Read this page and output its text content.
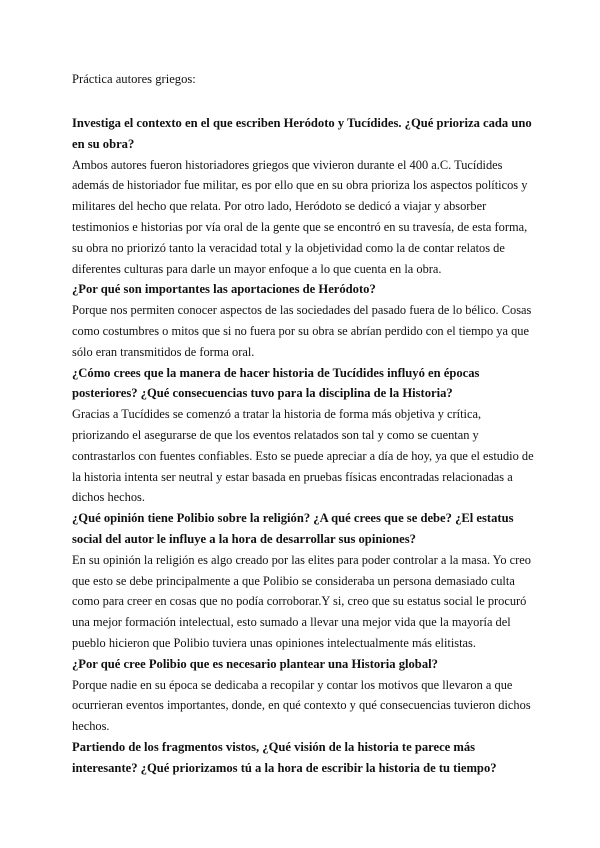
Práctica autores griegos:

Investiga el contexto en el que escriben Heródoto y Tucídides. ¿Qué prioriza cada uno en su obra?

Ambos autores fueron historiadores griegos que vivieron durante el 400 a.C. Tucídides además de historiador fue militar, es por ello que en su obra prioriza los aspectos políticos y militares del hecho que relata. Por otro lado, Heródoto se dedicó a viajar y absorber testimonios e historias por vía oral de la gente que se encontró en su travesía, de esta forma, su obra no priorizó tanto la veracidad total y la objetividad como la de contar relatos de diferentes culturas para darle un mayor enfoque a lo que cuenta en la obra.

¿Por qué son importantes las aportaciones de Heródoto?

Porque nos permiten conocer aspectos de las sociedades del pasado fuera de lo bélico. Cosas como costumbres o mitos que si no fuera por su obra se abrían perdido con el tiempo ya que sólo eran transmitidos de forma oral.

¿Cómo crees que la manera de hacer historia de Tucídides influyó en épocas posteriores? ¿Qué consecuencias tuvo para la disciplina de la Historia?

Gracias a Tucídides se comenzó a tratar la historia de forma más objetiva y crítica, priorizando el asegurarse de que los eventos relatados son tal y como se cuentan y contrastarlos con fuentes confiables. Esto se puede apreciar a día de hoy, ya que el estudio de la historia intenta ser neutral y estar basada en pruebas físicas encontradas relacionadas a dichos hechos.

¿Qué opinión tiene Polibio sobre la religión? ¿A qué crees que se debe? ¿El estatus social del autor le influye a la hora de desarrollar sus opiniones?

En su opinión la religión es algo creado por las elites para poder controlar a la masa. Yo creo que esto se debe principalmente a que Polibio se consideraba un persona demasiado culta como para creer en cosas que no podía corroborar.Y si, creo que su estatus social le procuró una mejor formación intelectual, esto sumado a llevar una mejor vida que la mayoría del pueblo hicieron que Polibio tuviera unas opiniones intelectualmente más elitistas.

¿Por qué cree Polibio que es necesario plantear una Historia global?

Porque nadie en su época se dedicaba a recopilar y contar los motivos que llevaron a que ocurrieran eventos importantes, donde, en qué contexto y qué consecuencias tuvieron dichos hechos.

Partiendo de los fragmentos vistos, ¿Qué visión de la historia te parece más interesante? ¿Qué priorizamos tú a la hora de escribir la historia de tu tiempo?
